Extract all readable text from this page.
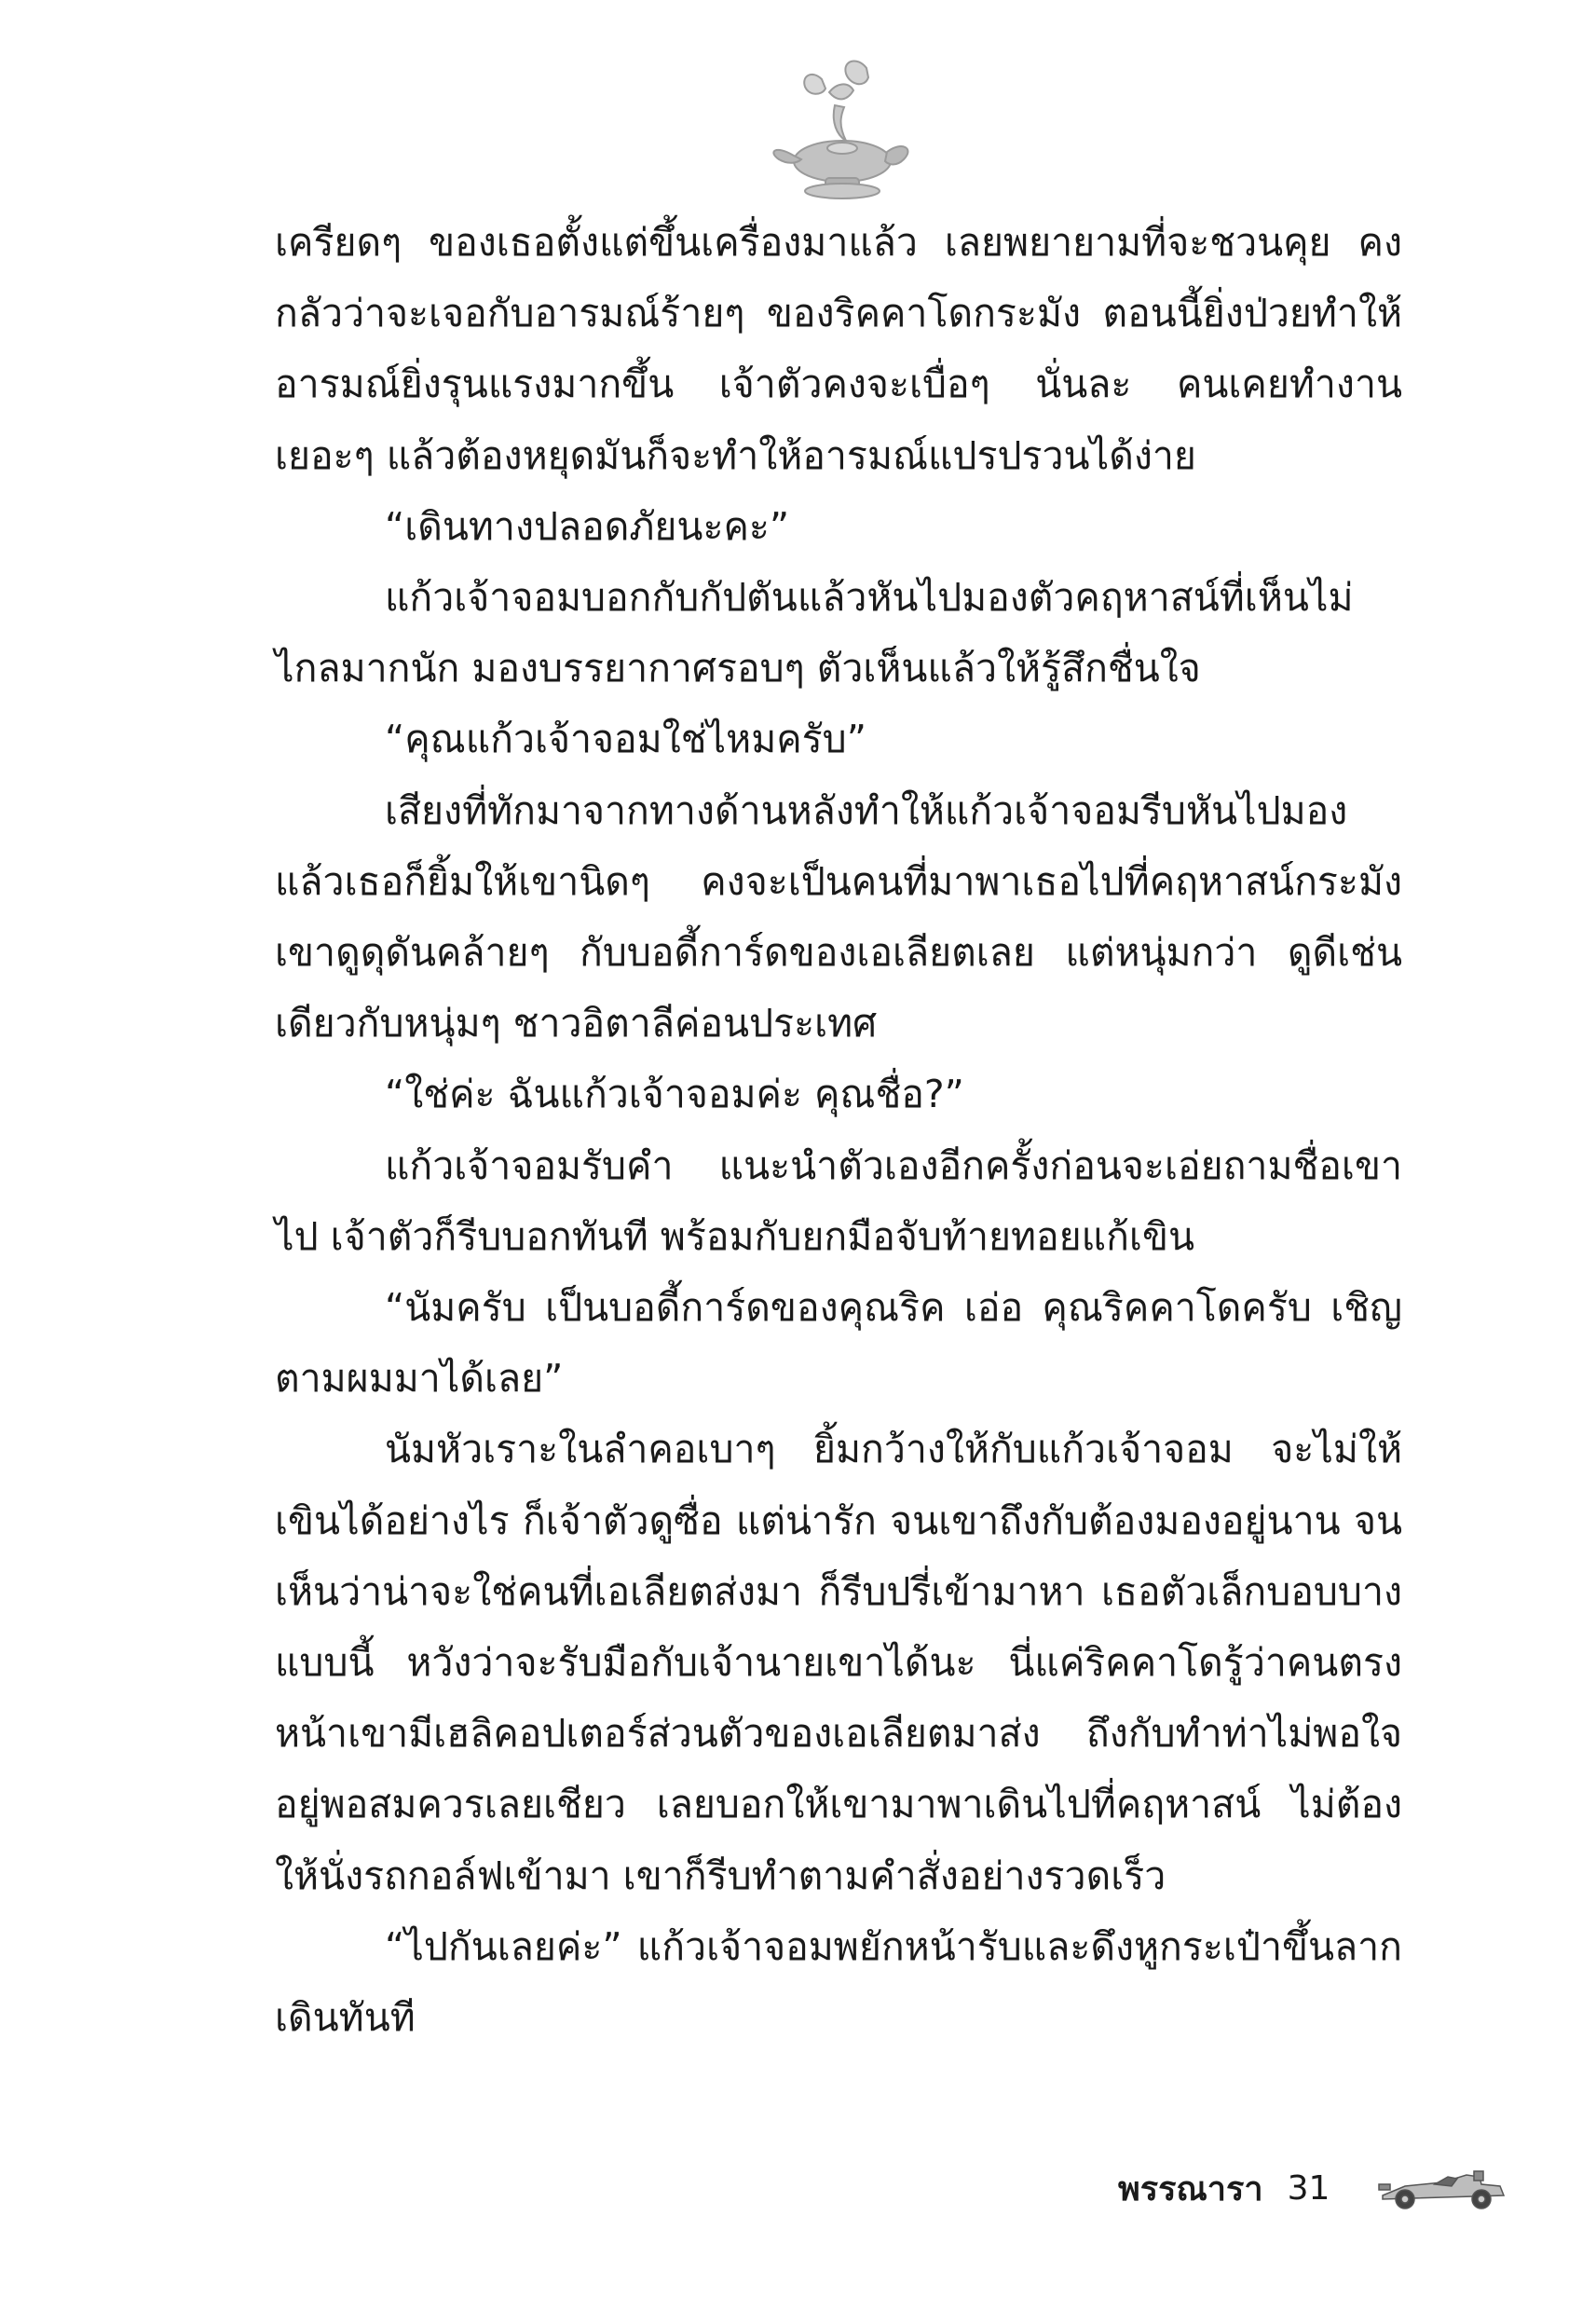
เครียดๆ ของเธอตั้งแต่ขึ้นเครื่องมาแล้ว เลยพยายามที่จะชวนคุย คงกลัวว่าจะเจอกับอารมณ์ร้ายๆ ของริคคาโดกระมัง ตอนนี้ยิ่งป่วยทำให้อารมณ์ยิ่งรุนแรงมากขึ้น เจ้าตัวคงจะเบื่อๆ นั่นละ คนเคยทำงานเยอะๆ แล้วต้องหยุดมันก็จะทำให้อารมณ์แปรปรวนได้ง่าย

“เดินทางปลอดภัยนะคะ”

แก้วเจ้าจอมบอกกับกัปตันแล้วหันไปมองตัวคฤหาสน์ที่เห็นไม่ไกลมากนัก มองบรรยากาศรอบๆ ตัวเห็นแล้วให้รู้สึกชื่นใจ

“คุณแก้วเจ้าจอมใช่ไหมครับ”

เสียงที่ทักมาจากทางด้านหลังทำให้แก้วเจ้าจอมรีบหันไปมองแล้วเธอก็ยิ้มให้เขานิดๆ คงจะเป็นคนที่มาพาเธอไปที่คฤหาสน์กระมัง เขาดูดุดันคล้ายๆ กับบอดี้การ์ดของเอเลียตเลย แต่หนุ่มกว่า ดูดีเช่นเดียวกับหนุ่มๆ ชาวอิตาลีค่อนประเทศ

“ใช่ค่ะ ฉันแก้วเจ้าจอมค่ะ คุณชื่อ?”

แก้วเจ้าจอมรับคำ แนะนำตัวเองอีกครั้งก่อนจะเอ่ยถามชื่อเขาไป เจ้าตัวก็รีบบอกทันที พร้อมกับยกมือจับท้ายทอยแก้เขิน

“นัมครับ เป็นบอดี้การ์ดของคุณริค เอ่อ คุณริคคาโดครับ เชิญตามผมมาได้เลย”

นัมหัวเราะในลำคอเบาๆ ยิ้มกว้างให้กับแก้วเจ้าจอม จะไม่ให้เขินได้อย่างไร ก็เจ้าตัวดูซื่อ แต่น่ารัก จนเขาถึงกับต้องมองอยู่นาน จนเห็นว่าน่าจะใช่คนที่เอเลียตส่งมา ก็รีบปรี่เข้ามาหา เธอตัวเล็กบอบบางแบบนี้ หวังว่าจะรับมือกับเจ้านายเขาได้นะ นี่แค่ริคคาโดรู้ว่าคนตรงหน้าเขามีเฮลิคอปเตอร์ส่วนตัวของเอเลียตมาส่ง ถึงกับทำท่าไม่พอใจอยู่พอสมควรเลยเชียว เลยบอกให้เขามาพาเดินไปที่คฤหาสน์ ไม่ต้องให้นั่งรถกอล์ฟเข้ามา เขาก็รีบทำตามคำสั่งอย่างรวดเร็ว

“ไปกันเลยค่ะ” แก้วเจ้าจอมพยักหน้ารับและดึงหูกระเป๋าขึ้นลากเดินทันที

พรรณารา 31
